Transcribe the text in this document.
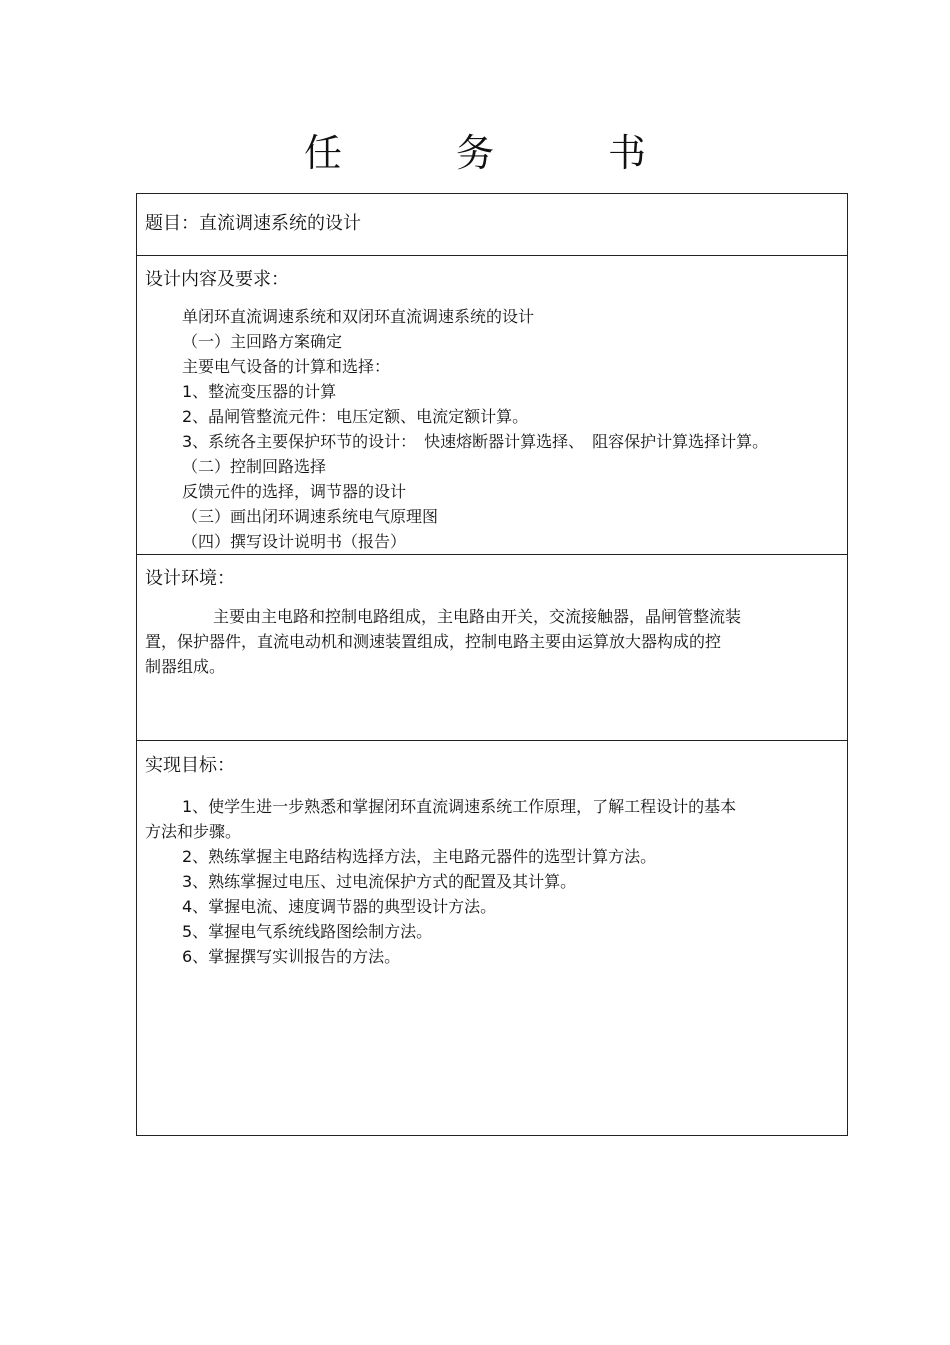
任　务　书
题目：直流调速系统的设计
设计内容及要求：
单闭环直流调速系统和双闭环直流调速系统的设计
（一）主回路方案确定
主要电气设备的计算和选择：
1、整流变压器的计算
2、晶闸管整流元件：电压定额、电流定额计算。
3、系统各主要保护环节的设计：　快速熔断器计算选择、　阻容保护计算选择计算。
（二）控制回路选择
反馈元件的选择，调节器的设计
（三）画出闭环调速系统电气原理图
（四）撰写设计说明书（报告）
设计环境：
主要由主电路和控制电路组成，主电路由开关，交流接触器，晶闸管整流装
置，保护器件，直流电动机和测速装置组成，控制电路主要由运算放大器构成的控
制器组成。
实现目标：
1、使学生进一步熟悉和掌握闭环直流调速系统工作原理，了解工程设计的基本
方法和步骤。
2、熟练掌握主电路结构选择方法，主电路元器件的选型计算方法。
3、熟练掌握过电压、过电流保护方式的配置及其计算。
4、掌握电流、速度调节器的典型设计方法。
5、掌握电气系统线路图绘制方法。
6、掌握撰写实训报告的方法。
